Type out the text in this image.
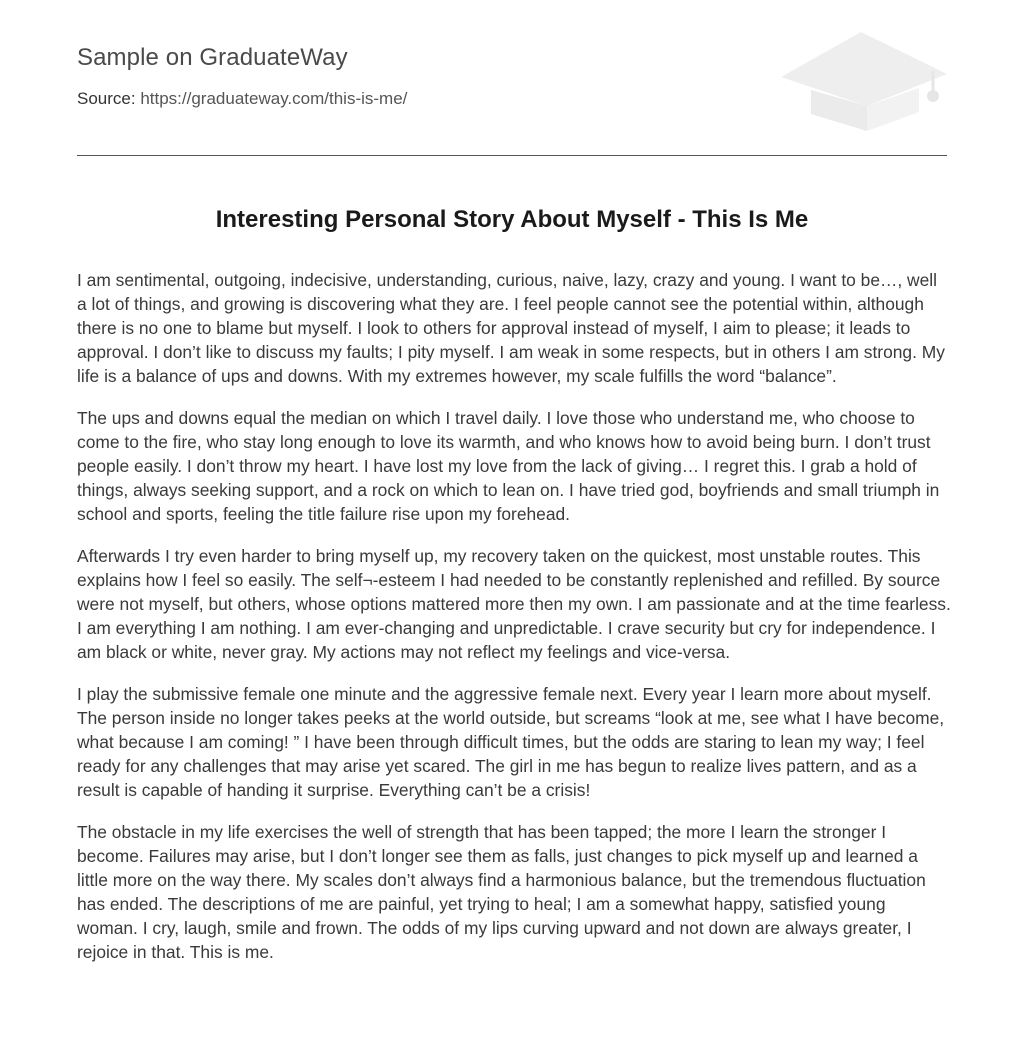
Sample on GraduateWay
Source: https://graduateway.com/this-is-me/
Interesting Personal Story About Myself - This Is Me

I am sentimental, outgoing, indecisive, understanding, curious, naive, lazy, crazy and young. I want to be…, well a lot of things, and growing is discovering what they are. I feel people cannot see the potential within, although there is no one to blame but myself. I look to others for approval instead of myself, I aim to please; it leads to approval. I don’t like to discuss my faults; I pity myself. I am weak in some respects, but in others I am strong. My life is a balance of ups and downs. With my extremes however, my scale fulfills the word “balance”.

The ups and downs equal the median on which I travel daily. I love those who understand me, who choose to come to the fire, who stay long enough to love its warmth, and who knows how to avoid being burn. I don’t trust people easily. I don’t throw my heart. I have lost my love from the lack of giving… I regret this. I grab a hold of things, always seeking support, and a rock on which to lean on. I have tried god, boyfriends and small triumph in school and sports, feeling the title failure rise upon my forehead.

Afterwards I try even harder to bring myself up, my recovery taken on the quickest, most unstable routes. This explains how I feel so easily. The self¬-esteem I had needed to be constantly replenished and refilled. By source were not myself, but others, whose options mattered more then my own. I am passionate and at the time fearless. I am everything I am nothing. I am ever-changing and unpredictable. I crave security but cry for independence. I am black or white, never gray. My actions may not reflect my feelings and vice-versa.

I play the submissive female one minute and the aggressive female next. Every year I learn more about myself. The person inside no longer takes peeks at the world outside, but screams “look at me, see what I have become, what because I am coming! ” I have been through difficult times, but the odds are staring to lean my way; I feel ready for any challenges that may arise yet scared. The girl in me has begun to realize lives pattern, and as a result is capable of handing it surprise. Everything can’t be a crisis!

The obstacle in my life exercises the well of strength that has been tapped; the more I learn the stronger I become. Failures may arise, but I don’t longer see them as falls, just changes to pick myself up and learned a little more on the way there. My scales don’t always find a harmonious balance, but the tremendous fluctuation has ended. The descriptions of me are painful, yet trying to heal; I am a somewhat happy, satisfied young woman. I cry, laugh, smile and frown. The odds of my lips curving upward and not down are always greater, I rejoice in that. This is me.
